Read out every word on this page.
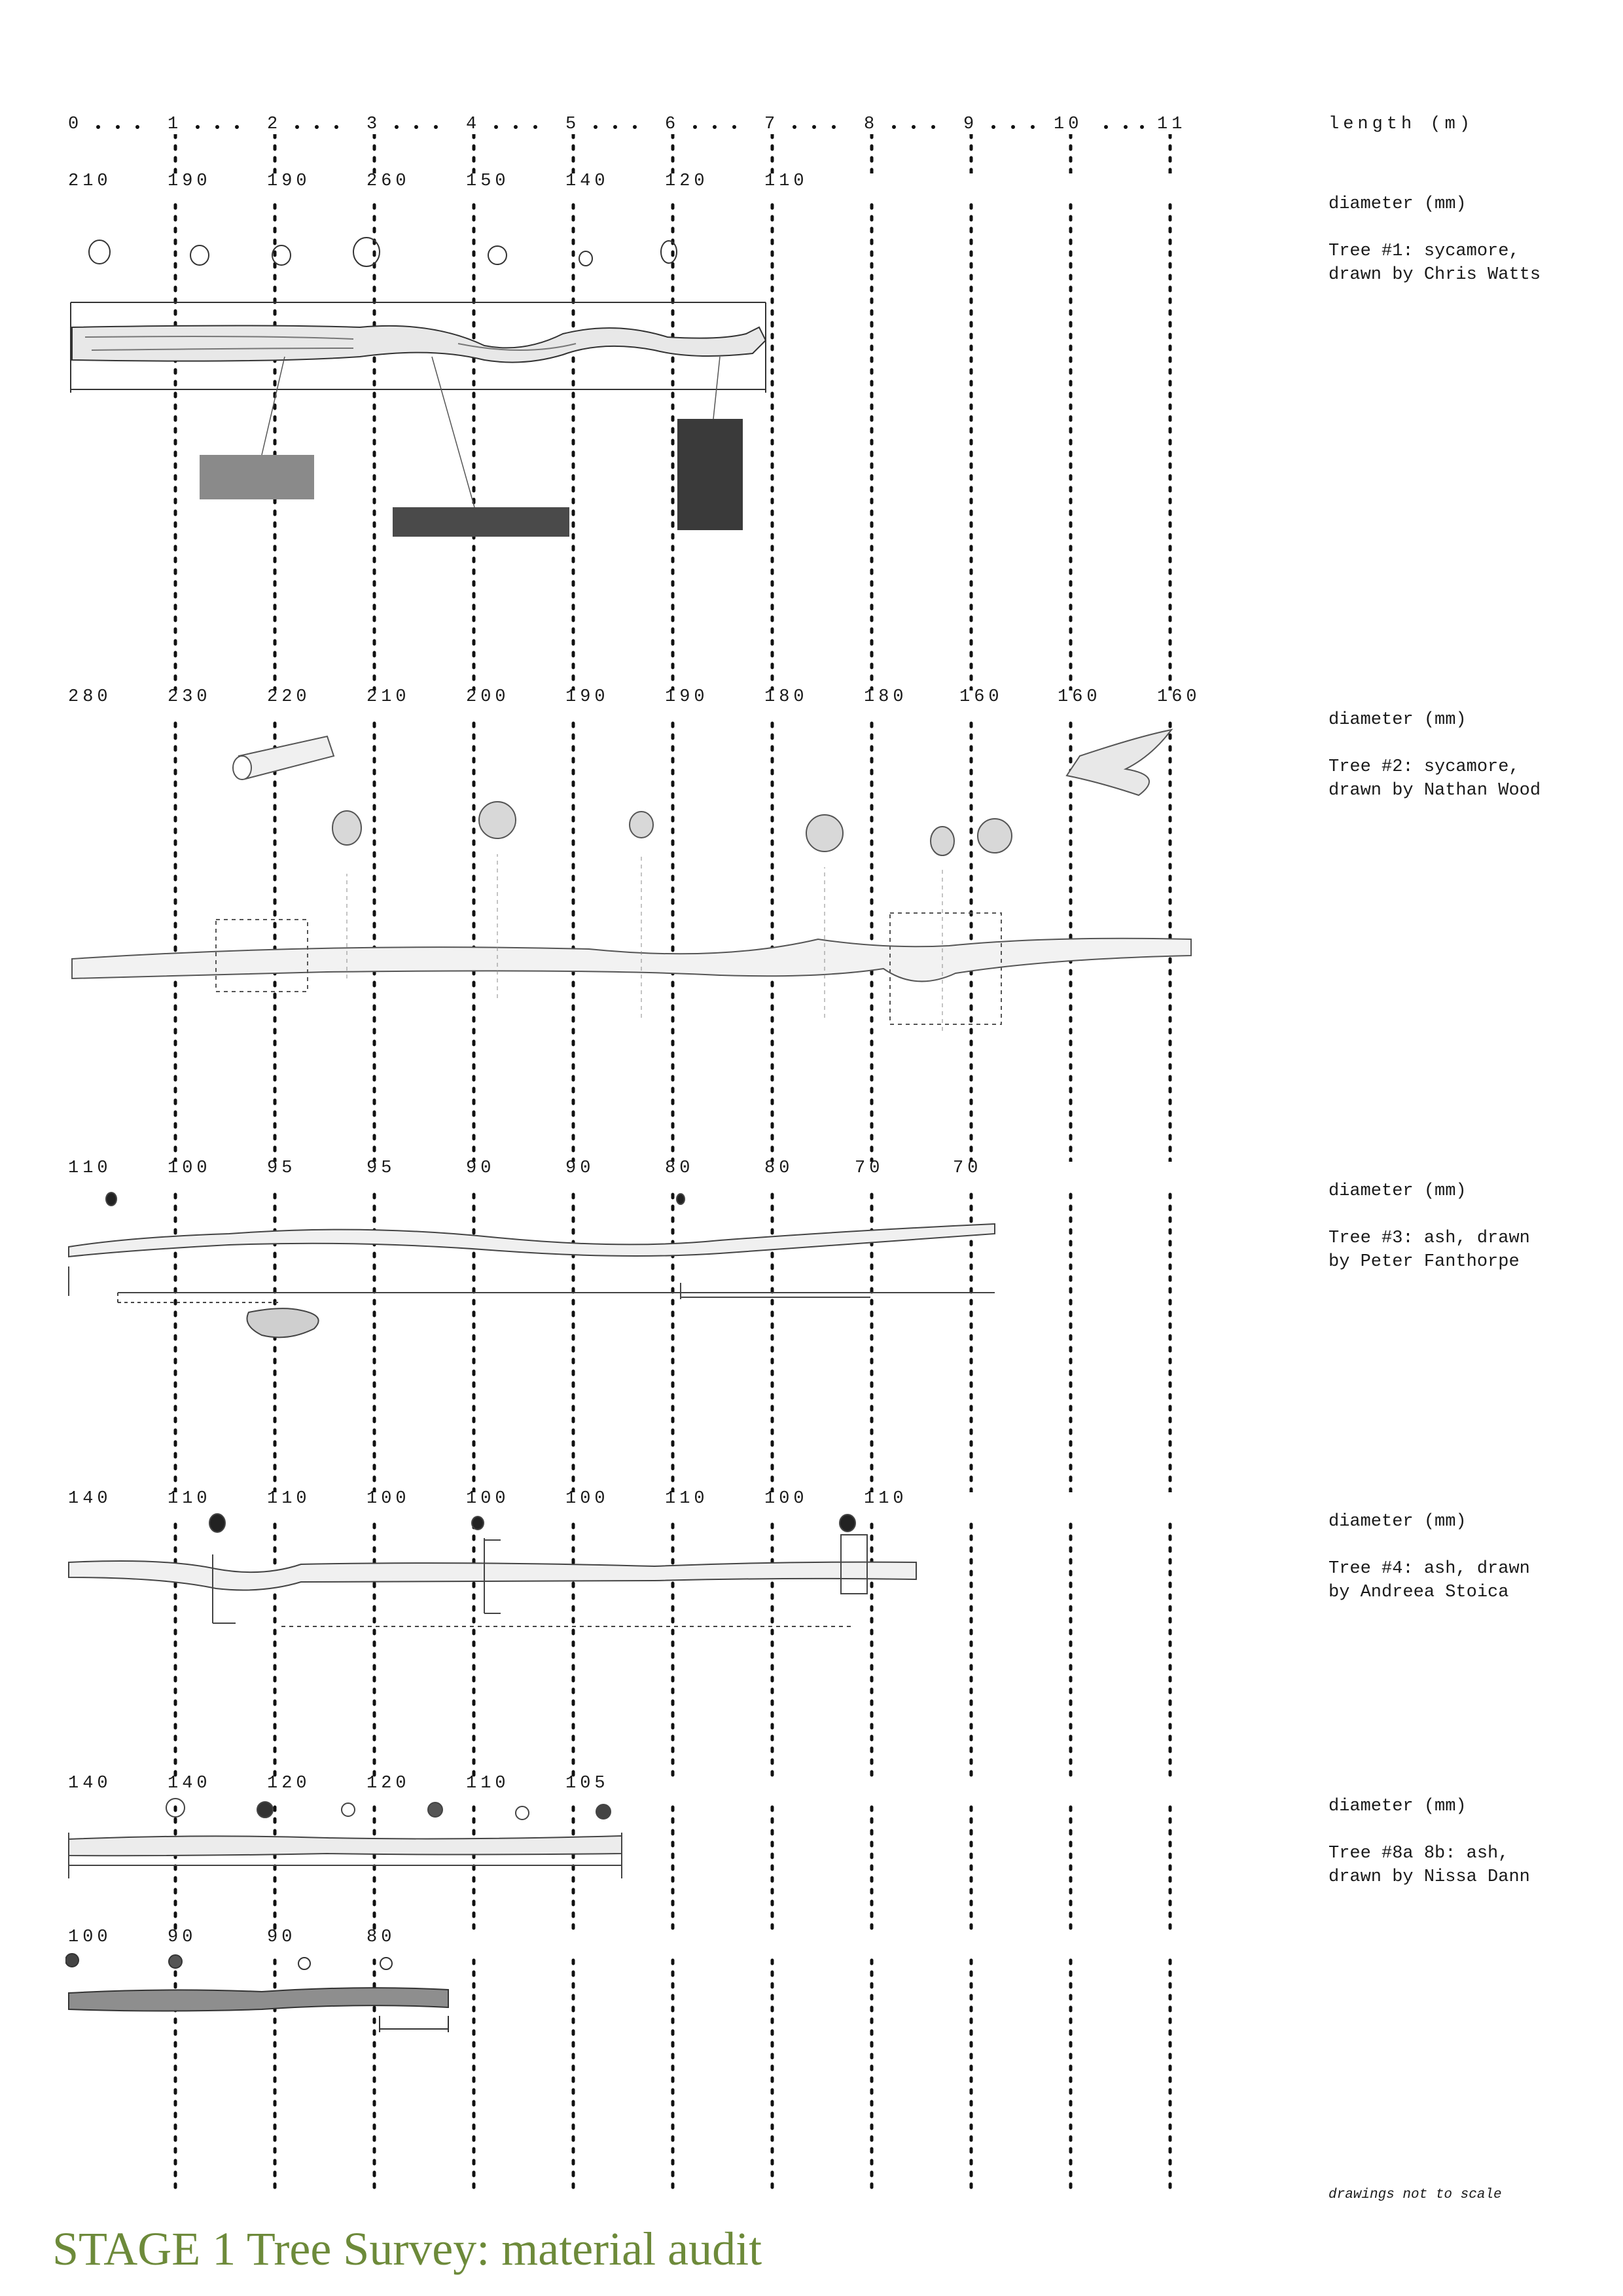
0	1	2	3	4	5	6	7	8	9	10	11	length (m)
210	190	190	260	150	140	120	110

diameter (mm)

Tree #1: sycamore,
drawn by Chris Watts

280	230	220	210	200	190	190	180	180	160	160	160

diameter (mm)

Tree #2: sycamore,
drawn by Nathan Wood

110	100	95	95	90	90	80	80	70	70

diameter (mm)

Tree #3: ash, drawn
by Peter Fanthorpe

140	110	110	100	100	100	110	100	110

diameter (mm)

Tree #4: ash, drawn
by Andreea Stoica

140	140	120	120	110	105

diameter (mm)

Tree #8a 8b: ash,
drawn by Nissa Dann

100	90	90	80

drawings not to scale
STAGE 1 Tree Survey: material audit
